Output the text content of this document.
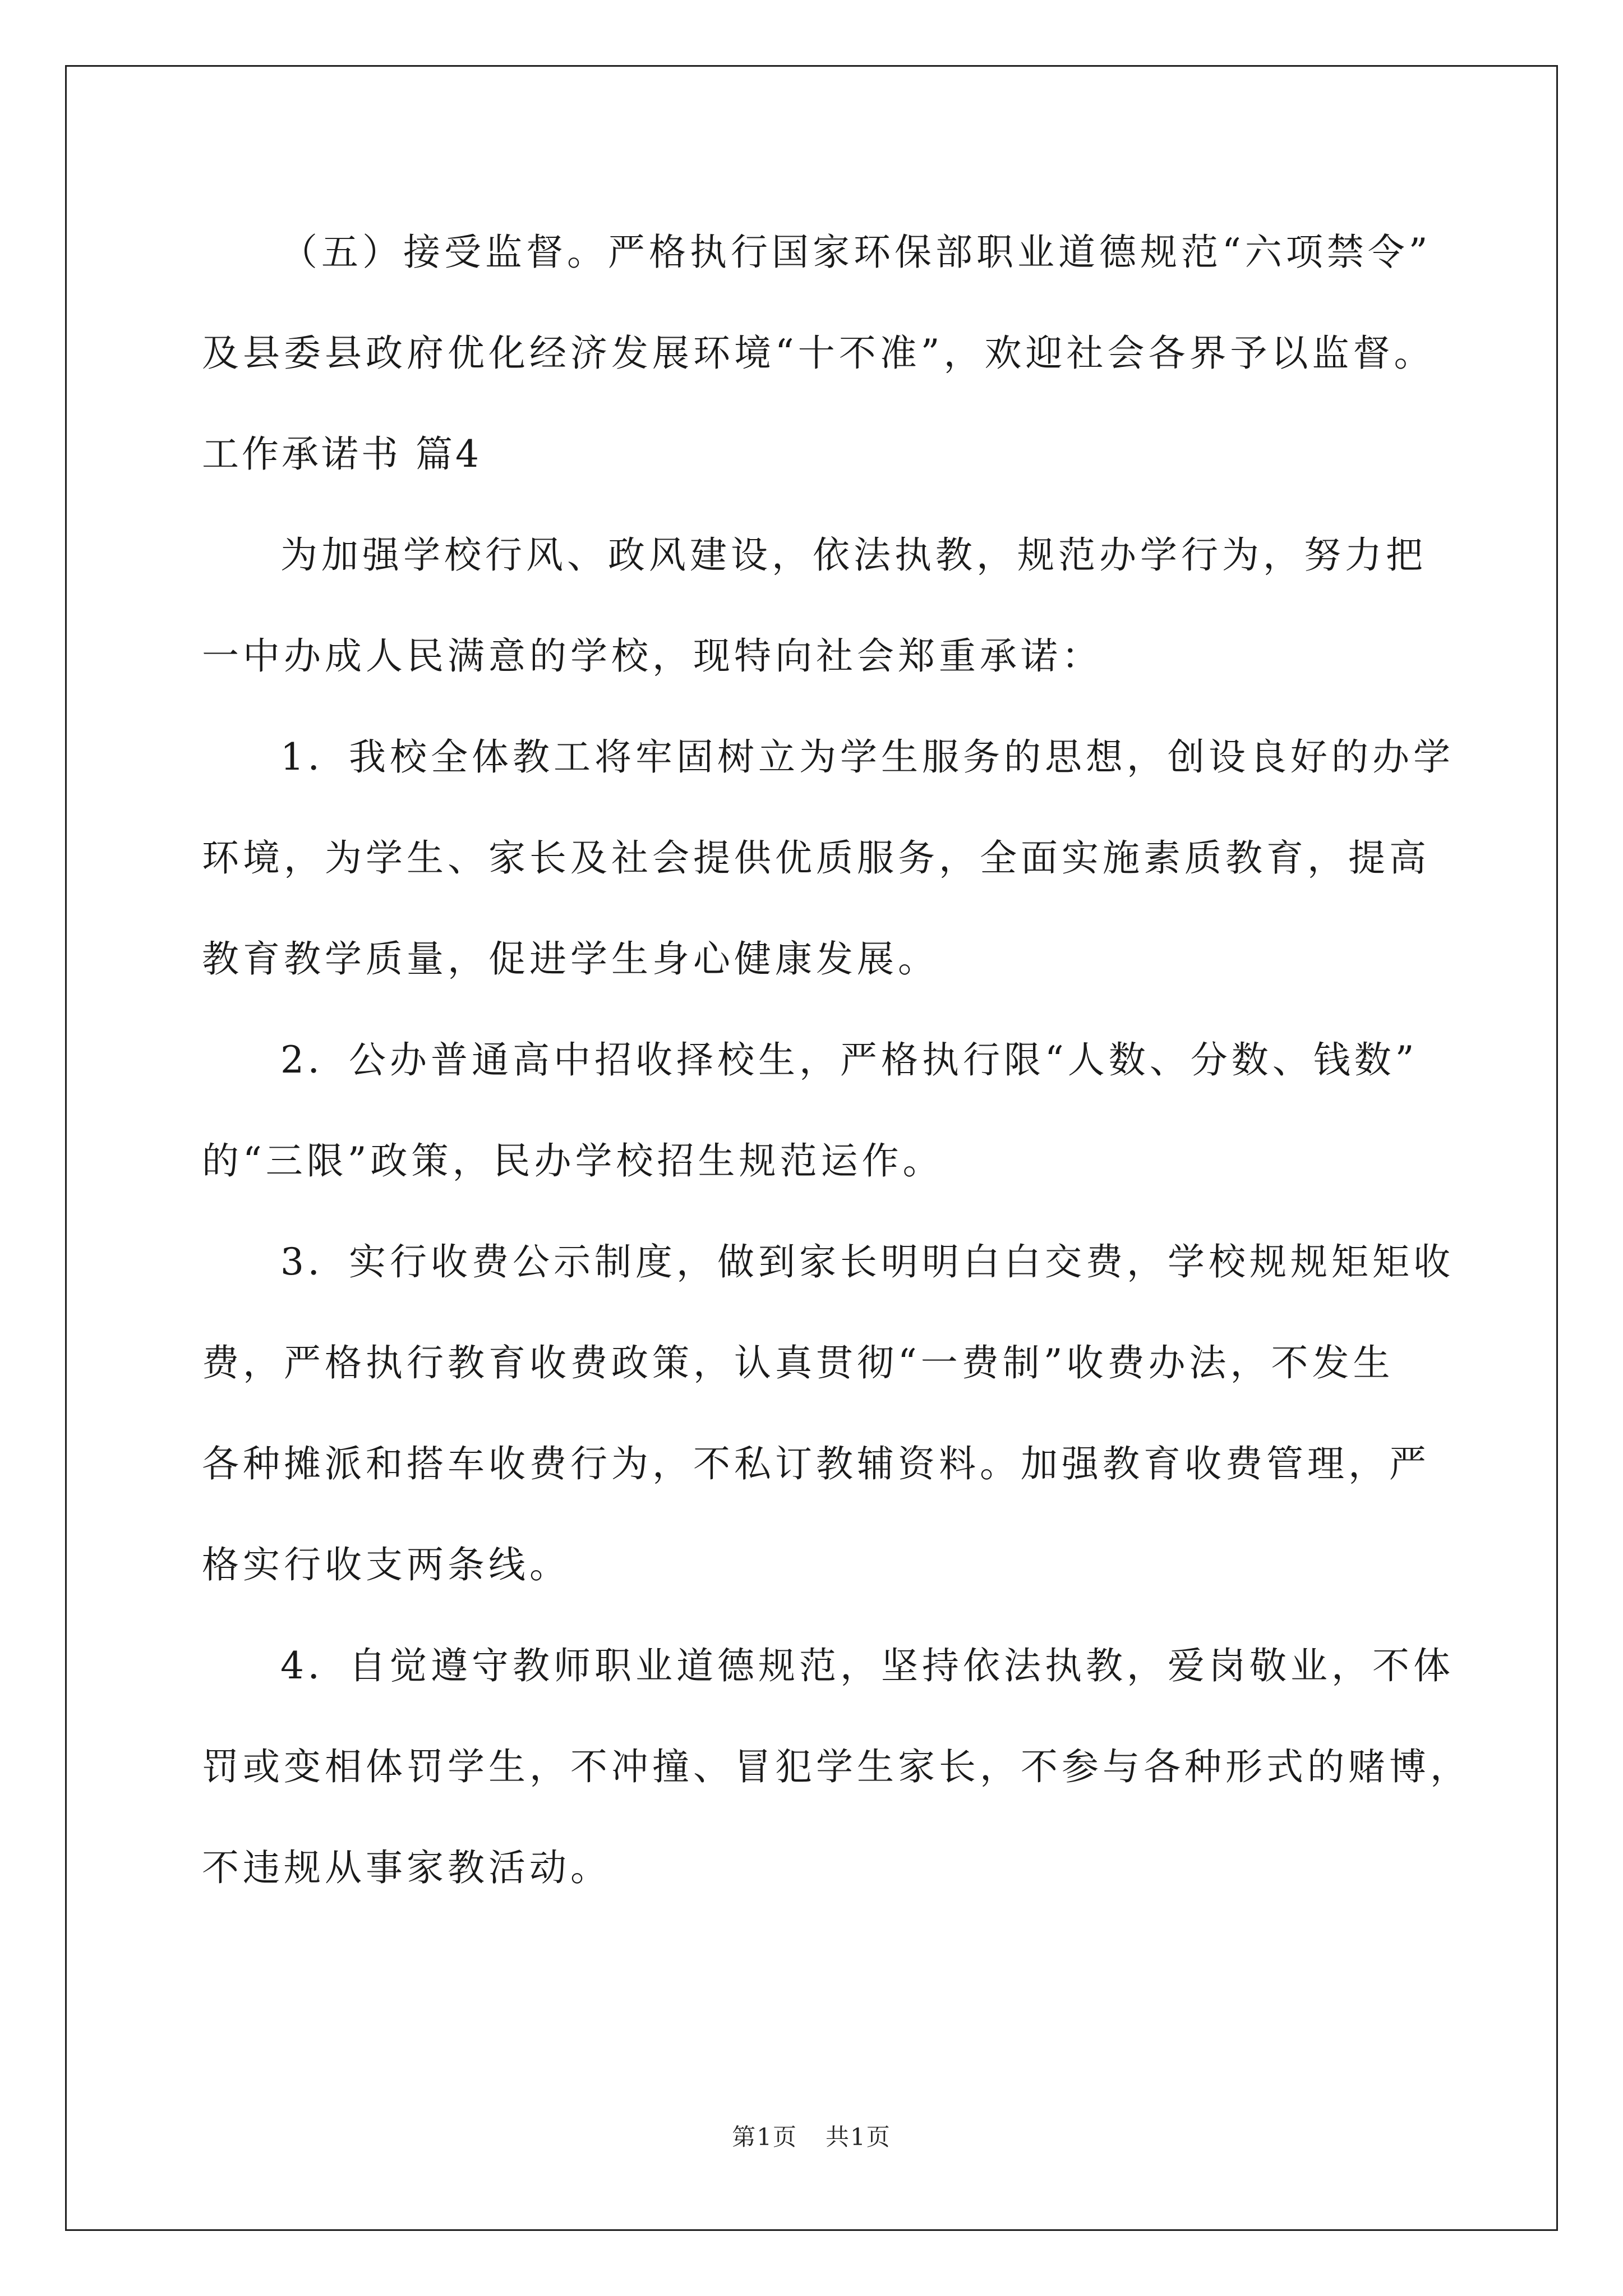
（五）接受监督。严格执行国家环保部职业道德规范“六项禁令”
及县委县政府优化经济发展环境“十不准”，欢迎社会各界予以监督。
工作承诺书 篇4
为加强学校行风、政风建设，依法执教，规范办学行为，努力把
一中办成人民满意的学校，现特向社会郑重承诺：
1．我校全体教工将牢固树立为学生服务的思想，创设良好的办学
环境，为学生、家长及社会提供优质服务，全面实施素质教育，提高
教育教学质量，促进学生身心健康发展。
2．公办普通高中招收择校生，严格执行限“人数、分数、钱数”
的“三限”政策，民办学校招生规范运作。
3．实行收费公示制度，做到家长明明白白交费，学校规规矩矩收
费，严格执行教育收费政策，认真贯彻“一费制”收费办法，不发生
各种摊派和搭车收费行为，不私订教辅资料。加强教育收费管理，严
格实行收支两条线。
4．自觉遵守教师职业道德规范，坚持依法执教，爱岗敬业，不体
罚或变相体罚学生，不冲撞、冒犯学生家长，不参与各种形式的赌博，
不违规从事家教活动。
第1页 共1页
